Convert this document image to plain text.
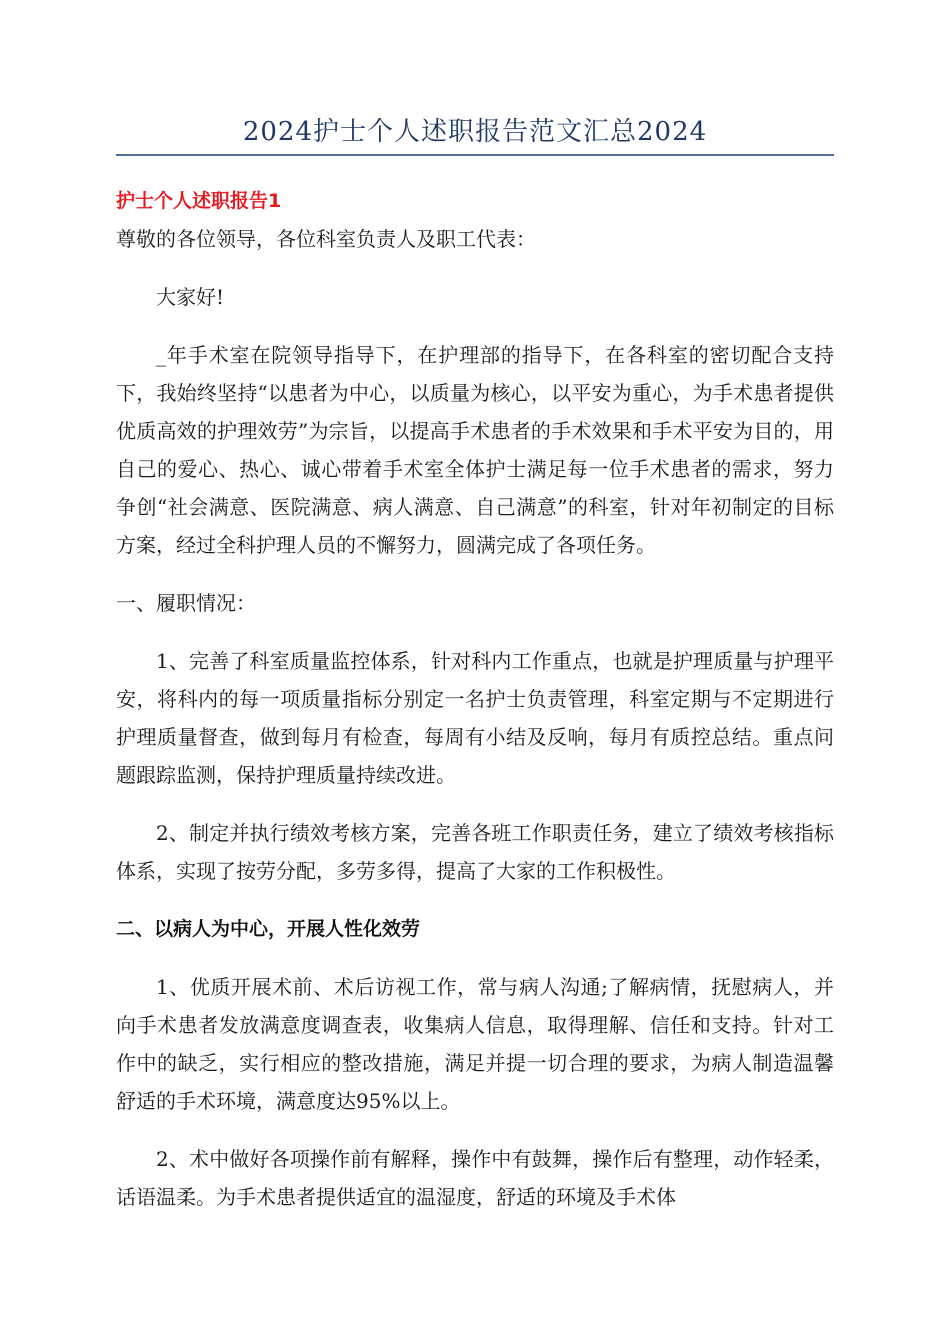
2024护士个人述职报告范文汇总2024

护士个人述职报告1

尊敬的各位领导，各位科室负责人及职工代表：

大家好!

_年手术室在院领导指导下，在护理部的指导下，在各科室的密切配合支持下，我始终坚持“以患者为中心，以质量为核心，以平安为重心，为手术患者提供优质高效的护理效劳”为宗旨，以提高手术患者的手术效果和手术平安为目的，用自己的爱心、热心、诚心带着手术室全体护士满足每一位手术患者的需求，努力争创“社会满意、医院满意、病人满意、自己满意”的科室，针对年初制定的目标方案，经过全科护理人员的不懈努力，圆满完成了各项任务。

一、履职情况：

1、完善了科室质量监控体系，针对科内工作重点，也就是护理质量与护理平安，将科内的每一项质量指标分别定一名护士负责管理，科室定期与不定期进行护理质量督查，做到每月有检查，每周有小结及反响，每月有质控总结。重点问题跟踪监测，保持护理质量持续改进。

2、制定并执行绩效考核方案，完善各班工作职责任务，建立了绩效考核指标体系，实现了按劳分配，多劳多得，提高了大家的工作积极性。

二、以病人为中心，开展人性化效劳

1、优质开展术前、术后访视工作，常与病人沟通;了解病情，抚慰病人，并向手术患者发放满意度调查表，收集病人信息，取得理解、信任和支持。针对工作中的缺乏，实行相应的整改措施，满足并提一切合理的要求，为病人制造温馨舒适的手术环境，满意度达95%以上。

2、术中做好各项操作前有解释，操作中有鼓舞，操作后有整理，动作轻柔，话语温柔。为手术患者提供适宜的温湿度，舒适的环境及手术体
